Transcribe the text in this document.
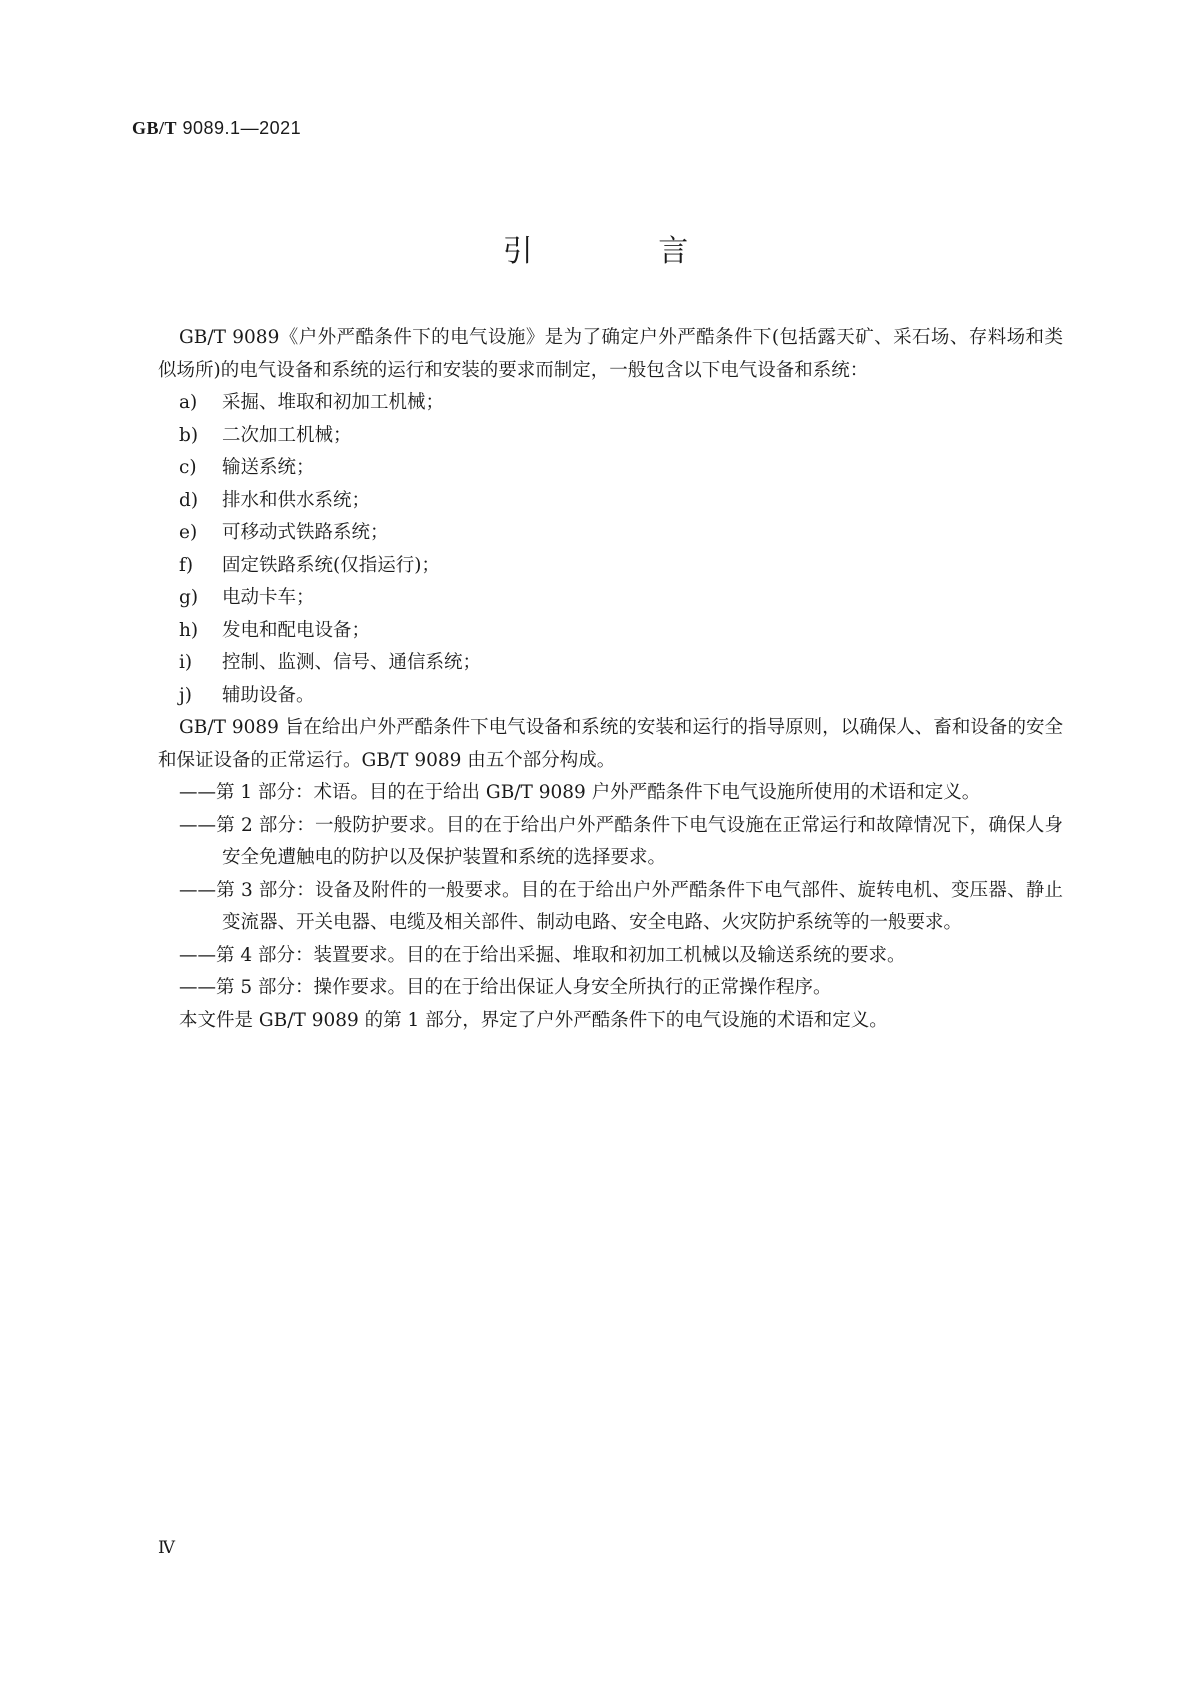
GB/T 9089.1—2021
引 言

GB/T 9089《户外严酷条件下的电气设施》是为了确定户外严酷条件下(包括露天矿、采石场、存料场和类似场所)的电气设备和系统的运行和安装的要求而制定，一般包含以下电气设备和系统：

a) 采掘、堆取和初加工机械；

b) 二次加工机械；

c) 输送系统；

d) 排水和供水系统；

e) 可移动式铁路系统；

f) 固定铁路系统(仅指运行)；

g) 电动卡车；

h) 发电和配电设备；

i) 控制、监测、信号、通信系统；

j) 辅助设备。

GB/T 9089 旨在给出户外严酷条件下电气设备和系统的安装和运行的指导原则，以确保人、畜和设备的安全和保证设备的正常运行。GB/T 9089 由五个部分构成。

——第 1 部分：术语。目的在于给出 GB/T 9089 户外严酷条件下电气设施所使用的术语和定义。

——第 2 部分：一般防护要求。目的在于给出户外严酷条件下电气设施在正常运行和故障情况下，确保人身安全免遭触电的防护以及保护装置和系统的选择要求。

——第 3 部分：设备及附件的一般要求。目的在于给出户外严酷条件下电气部件、旋转电机、变压器、静止变流器、开关电器、电缆及相关部件、制动电路、安全电路、火灾防护系统等的一般要求。

——第 4 部分：装置要求。目的在于给出采掘、堆取和初加工机械以及输送系统的要求。

——第 5 部分：操作要求。目的在于给出保证人身安全所执行的正常操作程序。

本文件是 GB/T 9089 的第 1 部分，界定了户外严酷条件下的电气设施的术语和定义。

Ⅳ
